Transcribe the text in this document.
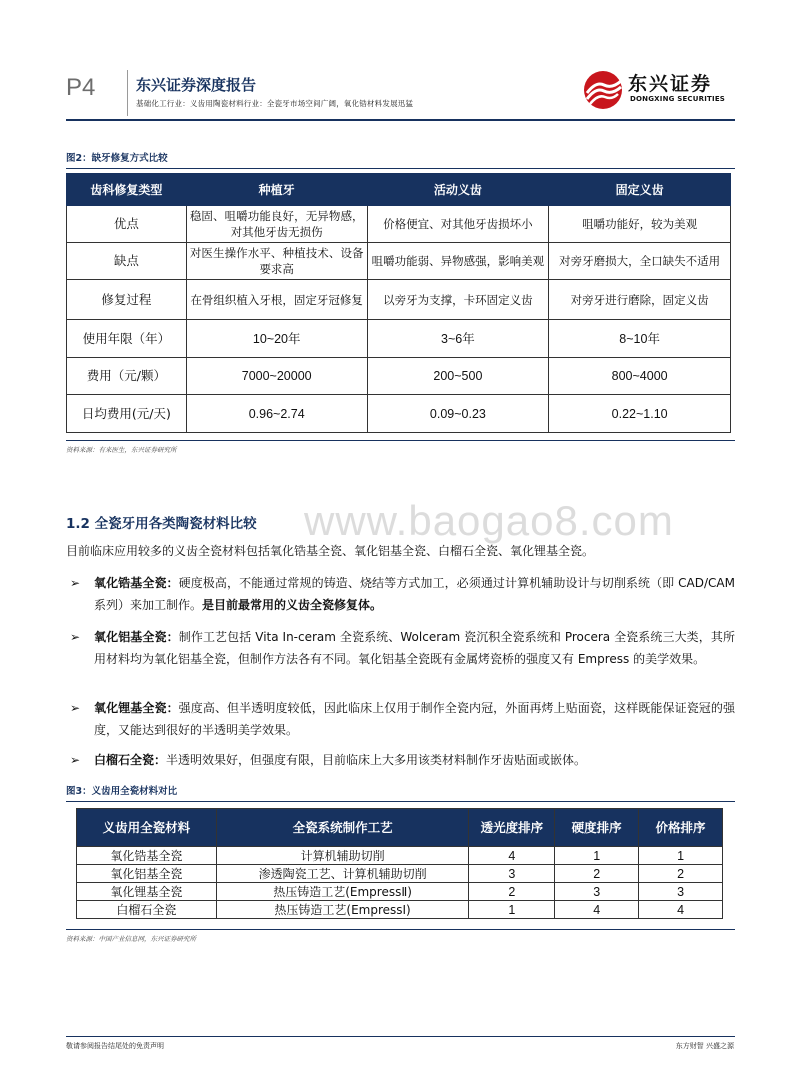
P4	东兴证券深度报告
基础化工行业：义齿用陶瓷材料行业：全瓷牙市场空间广阔，氧化锆材料发展迅猛
东兴证券
DONGXING SECURITIES
图2：缺牙修复方式比较
齿科修复类型	种植牙	活动义齿	固定义齿
优点	稳固、咀嚼功能良好，无异物感，对其他牙齿无损伤	价格便宜、对其他牙齿损坏小	咀嚼功能好，较为美观
缺点	对医生操作水平、种植技术、设备要求高	咀嚼功能弱、异物感强，影响美观	对旁牙磨损大，全口缺失不适用
修复过程	在骨组织植入牙根，固定牙冠修复	以旁牙为支撑，卡环固定义齿	对旁牙进行磨除，固定义齿
使用年限（年）	10~20年	3~6年	8~10年
费用（元/颗）	7000~20000	200~500	800~4000
日均费用(元/天)	0.96~2.74	0.09~0.23	0.22~1.10
资料来源：有来医生，东兴证券研究所
www.baogao8.com
1.2 全瓷牙用各类陶瓷材料比较
目前临床应用较多的义齿全瓷材料包括氧化锆基全瓷、氧化铝基全瓷、白榴石全瓷、氧化锂基全瓷。
➢ 氧化锆基全瓷：硬度极高，不能通过常规的铸造、烧结等方式加工，必须通过计算机辅助设计与切削系统（即 CAD/CAM 系列）来加工制作。是目前最常用的义齿全瓷修复体。
➢ 氧化铝基全瓷：制作工艺包括 Vita In-ceram 全瓷系统、Wolceram 瓷沉积全瓷系统和 Procera 全瓷系统三大类，其所用材料均为氧化铝基全瓷，但制作方法各有不同。氧化铝基全瓷既有金属烤瓷桥的强度又有 Empress 的美学效果。
➢ 氧化锂基全瓷：强度高、但半透明度较低，因此临床上仅用于制作全瓷内冠，外面再烤上贴面瓷，这样既能保证瓷冠的强度，又能达到很好的半透明美学效果。
➢ 白榴石全瓷：半透明效果好，但强度有限，目前临床上大多用该类材料制作牙齿贴面或嵌体。
图3：义齿用全瓷材料对比
义齿用全瓷材料	全瓷系统制作工艺	透光度排序	硬度排序	价格排序
氧化锆基全瓷	计算机辅助切削	4	1	1
氧化铝基全瓷	渗透陶瓷工艺、计算机辅助切削	3	2	2
氧化锂基全瓷	热压铸造工艺(EmpressⅡ)	2	3	3
白榴石全瓷	热压铸造工艺(EmpressⅠ)	1	4	4
资料来源：中国产业信息网，东兴证券研究所
敬请参阅报告结尾处的免责声明	东方财智 兴盛之源
